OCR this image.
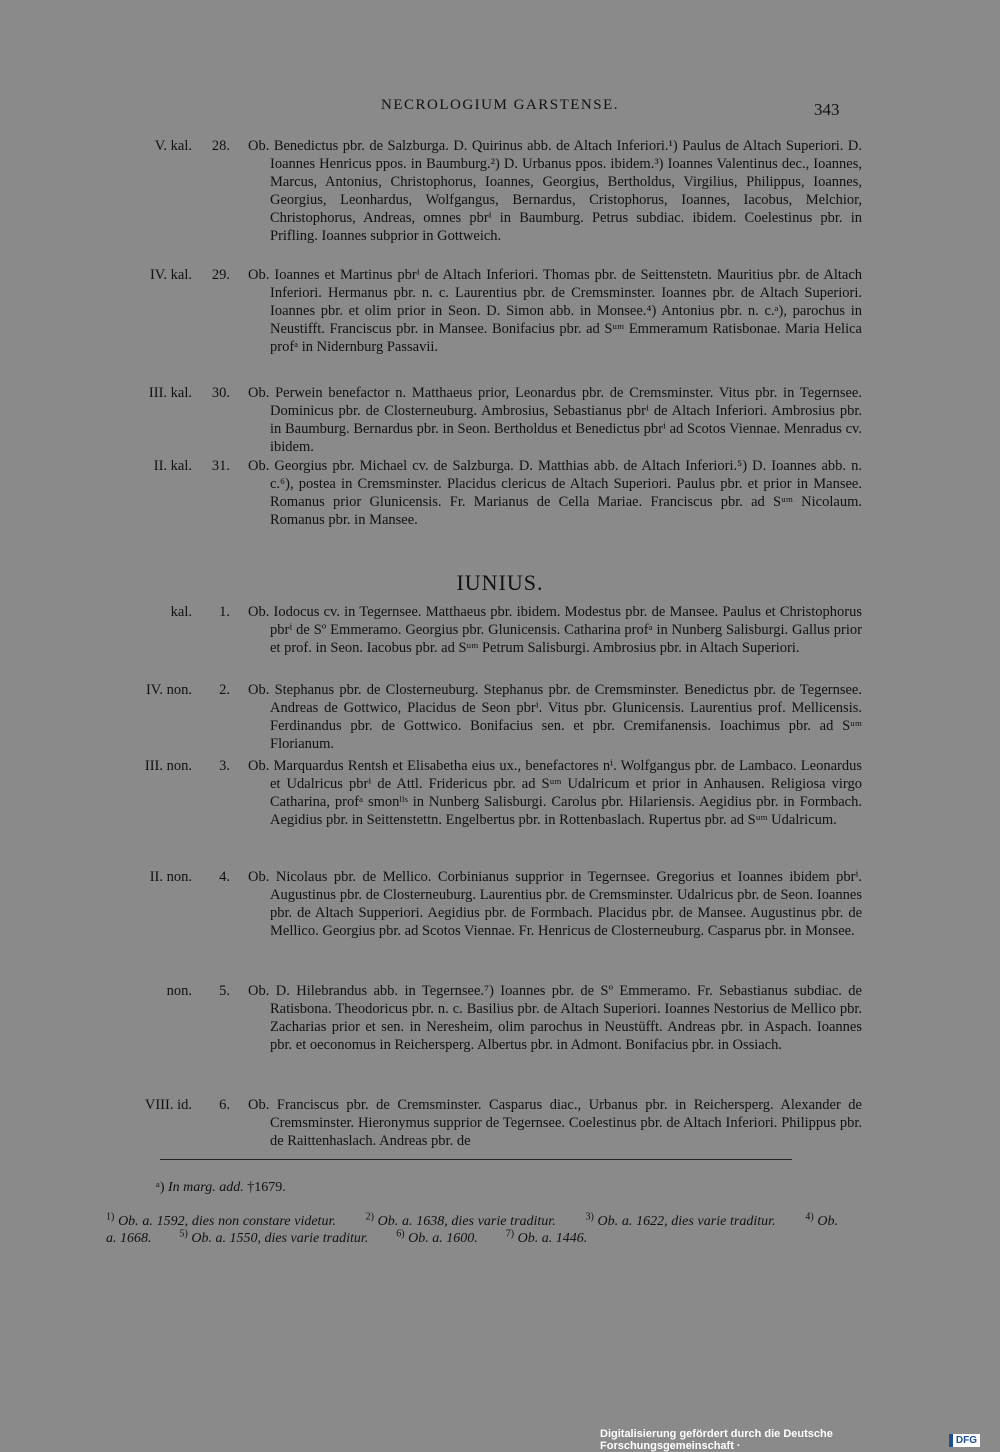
NECROLOGIUM GARSTENSE.	343
V. kal.	28. Ob. Benedictus pbr. de Salzburga. D. Quirinus abb. de Altach Inferiori.¹) Paulus de Altach Superiori. D. Ioannes Henricus ppos. in Baumburg.²) D. Urbanus ppos. ibidem.³) Ioannes Valentinus dec., Ioannes, Marcus, Antonius, Christophorus, Ioannes, Georgius, Bertholdus, Virgilius, Philippus, Ioannes, Georgius, Leonhardus, Wolfgangus, Bernardus, Cristophorus, Ioannes, Iacobus, Melchior, Christophorus, Andreas, omnes pbrⁱ in Baumburg. Petrus subdiac. ibidem. Coelestinus pbr. in Prifling. Ioannes subprior in Gottweich.
IV. kal.	29. Ob. Ioannes et Martinus pbrⁱ de Altach Inferiori. Thomas pbr. de Seittenstetn. Mauritius pbr. de Altach Inferiori. Hermanus pbr. n. c. Laurentius pbr. de Cremsminster. Ioannes pbr. de Altach Superiori. Ioannes pbr. et olim prior in Seon. D. Simon abb. in Monsee.⁴) Antonius pbr. n. c.ᵃ), parochus in Neustifft. Franciscus pbr. in Mansee. Bonifacius pbr. ad Sᵘᵐ Emmeramum Ratisbonae. Maria Helica profᵃ in Nidernburg Passavii.
III. kal.	30. Ob. Perwein benefactor n. Matthaeus prior, Leonardus pbr. de Cremsminster. Vitus pbr. in Tegernsee. Dominicus pbr. de Closterneuburg. Ambrosius, Sebastianus pbrⁱ de Altach Inferiori. Ambrosius pbr. in Baumburg. Bernardus pbr. in Seon. Bertholdus et Benedictus pbrⁱ ad Scotos Viennae. Menradus cv. ibidem.
II. kal.	31. Ob. Georgius pbr. Michael cv. de Salzburga. D. Matthias abb. de Altach Inferiori.⁵) D. Ioannes abb. n. c.⁶), postea in Cremsminster. Placidus clericus de Altach Superiori. Paulus pbr. et prior in Mansee. Romanus prior Glunicensis. Fr. Marianus de Cella Mariae. Franciscus pbr. ad Sᵘᵐ Nicolaum. Romanus pbr. in Mansee.
IUNIUS.
kal.	1. Ob. Iodocus cv. in Tegernsee. Matthaeus pbr. ibidem. Modestus pbr. de Mansee. Paulus et Christophorus pbrⁱ de Sº Emmeramo. Georgius pbr. Glunicensis. Catharina profᵃ in Nunberg Salisburgi. Gallus prior et prof. in Seon. Iacobus pbr. ad Sᵘᵐ Petrum Salisburgi. Ambrosius pbr. in Altach Superiori.
IV. non.	2. Ob. Stephanus pbr. de Closterneuburg. Stephanus pbr. de Cremsminster. Benedictus pbr. de Tegernsee. Andreas de Gottwico, Placidus de Seon pbrⁱ. Vitus pbr. Glunicensis. Laurentius prof. Mellicensis. Ferdinandus pbr. de Gottwico. Bonifacius sen. et pbr. Cremifanensis. Ioachimus pbr. ad Sᵘᵐ Florianum.
III. non.	3. Ob. Marquardus Rentsh et Elisabetha eius ux., benefactores nⁱ. Wolfgangus pbr. de Lambaco. Leonardus et Udalricus pbrⁱ de Attl. Fridericus pbr. ad Sᵘᵐ Udalricum et prior in Anhausen. Religiosa virgo Catharina, profᵃ smonˡⁱˢ in Nunberg Salisburgi. Carolus pbr. Hilariensis. Aegidius pbr. in Formbach. Aegidius pbr. in Seittenstettn. Engelbertus pbr. in Rottenbaslach. Rupertus pbr. ad Sᵘᵐ Udalricum.
II. non.	4. Ob. Nicolaus pbr. de Mellico. Corbinianus supprior in Tegernsee. Gregorius et Ioannes ibidem pbrⁱ. Augustinus pbr. de Closterneuburg. Laurentius pbr. de Cremsminster. Udalricus pbr. de Seon. Ioannes pbr. de Altach Supperiori. Aegidius pbr. de Formbach. Placidus pbr. de Mansee. Augustinus pbr. de Mellico. Georgius pbr. ad Scotos Viennae. Fr. Henricus de Closterneuburg. Casparus pbr. in Monsee.
non.	5. Ob. D. Hilebrandus abb. in Tegernsee.⁷) Ioannes pbr. de Sº Emmeramo. Fr. Sebastianus subdiac. de Ratisbona. Theodoricus pbr. n. c. Basilius pbr. de Altach Superiori. Ioannes Nestorius de Mellico pbr. Zacharias prior et sen. in Neresheim, olim parochus in Neustüfft. Andreas pbr. in Aspach. Ioannes pbr. et oeconomus in Reichersperg. Albertus pbr. in Admont. Bonifacius pbr. in Ossiach.
VIII. id.	6. Ob. Franciscus pbr. de Cremsminster. Casparus diac., Urbanus pbr. in Reichersperg. Alexander de Cremsminster. Hieronymus supprior de Tegernsee. Coelestinus pbr. de Altach Inferiori. Philippus pbr. de Raittenhaslach. Andreas pbr. de
ᵃ) In marg. add. †1679.
$^{1)}$ Ob. a. 1592, dies non constare videtur.	$^{2)}$ Ob. a. 1638, dies varie traditur.	$^{3)}$ Ob. a. 1622, dies varie traditur.	$^{4)}$ Ob. a. 1668.	$^{5)}$ Ob. a. 1550, dies varie traditur.	$^{6)}$ Ob. a. 1600.	$^{7)}$ Ob. a. 1446.
Digitalisierung gefördert durch die Deutsche Forschungsgemeinschaft ·	DFG
